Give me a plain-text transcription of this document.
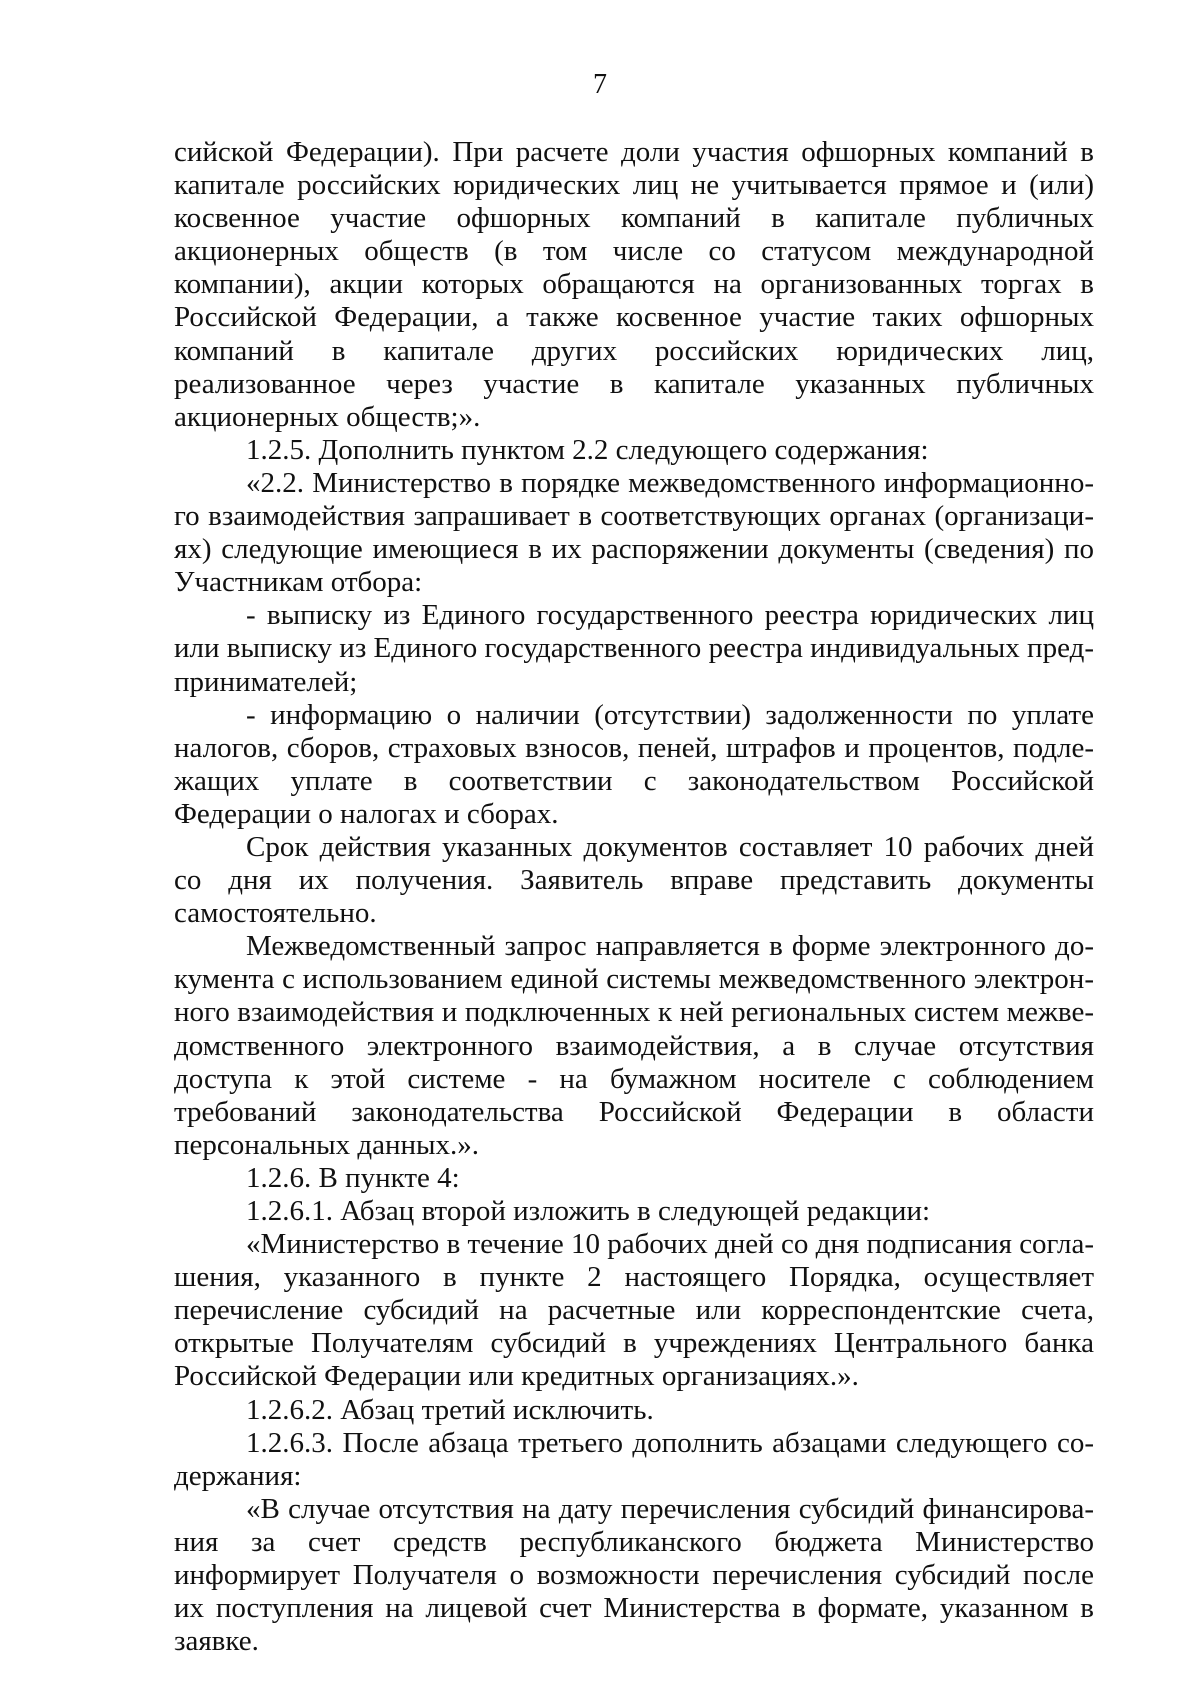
7

сийской Федерации). При расчете доли участия офшорных компаний в капитале российских юридических лиц не учитывается прямое и (или) косвенное участие офшорных компаний в капитале публичных акционерных обществ (в том числе со статусом международной компании), акции которых обращаются на организованных торгах в Российской Федерации, а также косвенное участие таких офшорных компаний в капитале других российских юридических лиц, реализованное через участие в капитале указанных публичных акционерных обществ;».

1.2.5. Дополнить пунктом 2.2 следующего содержания:

«2.2. Министерство в порядке межведомственного информационного взаимодействия запрашивает в соответствующих органах (организациях) следующие имеющиеся в их распоряжении документы (сведения) по Участникам отбора:

- выписку из Единого государственного реестра юридических лиц или выписку из Единого государственного реестра индивидуальных предпринимателей;

- информацию о наличии (отсутствии) задолженности по уплате налогов, сборов, страховых взносов, пеней, штрафов и процентов, подлежащих уплате в соответствии с законодательством Российской Федерации о налогах и сборах.

Срок действия указанных документов составляет 10 рабочих дней со дня их получения. Заявитель вправе представить документы самостоятельно.

Межведомственный запрос направляется в форме электронного документа с использованием единой системы межведомственного электронного взаимодействия и подключенных к ней региональных систем межведомственного электронного взаимодействия, а в случае отсутствия доступа к этой системе - на бумажном носителе с соблюдением требований законодательства Российской Федерации в области персональных данных.».

1.2.6. В пункте 4:

1.2.6.1. Абзац второй изложить в следующей редакции:

«Министерство в течение 10 рабочих дней со дня подписания соглашения, указанного в пункте 2 настоящего Порядка, осуществляет перечисление субсидий на расчетные или корреспондентские счета, открытые Получателям субсидий в учреждениях Центрального банка Российской Федерации или кредитных организациях.».

1.2.6.2. Абзац третий исключить.

1.2.6.3. После абзаца третьего дополнить абзацами следующего содержания:

«В случае отсутствия на дату перечисления субсидий финансирования за счет средств республиканского бюджета Министерство информирует Получателя о возможности перечисления субсидий после их поступления на лицевой счет Министерства в формате, указанном в заявке.
